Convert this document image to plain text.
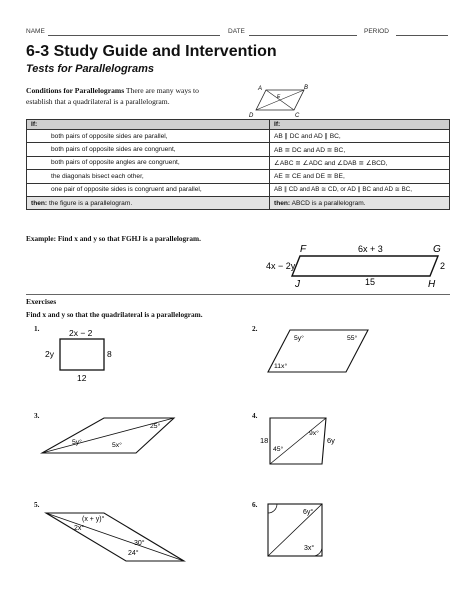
NAME	DATE	PERIOD
6-3 Study Guide and Intervention
Tests for Parallelograms
Conditions for Parallelograms There are many ways to
establish that a quadrilateral is a parallelogram.
A	B
E
C
D
If:	If:
both pairs of opposite sides are parallel,	AB ∥ DC and AD ∥ BC,
both pairs of opposite sides are congruent,	AB ≅ DC and AD ≅ BC,
both pairs of opposite angles are congruent,	∠ABC ≅ ∠ADC and ∠DAB ≅ ∠BCD,
the diagonals bisect each other,	AE ≅ CE and DE ≅ BE,
one pair of opposite sides is congruent and parallel,	AB ∥ CD and AB ≅ CD, or AD ∥ BC and AD ≅ BC,
then: the figure is a parallelogram.	then: ABCD is a parallelogram.
Example: Find x and y so that FGHJ is a parallelogram.
F	G
H
J
6x + 3
4x − 2y	2
15
Exercises
Find x and y so that the quadrilateral is a parallelogram.
1.	2x − 2
2y	8
12
2.
5y°	55°
11x°
3.
25°
5y°	5x°
4.
9x°
18	6y
45°
5.
(x + y)°
2x°
30°
24°
6.
6y°
3x°
